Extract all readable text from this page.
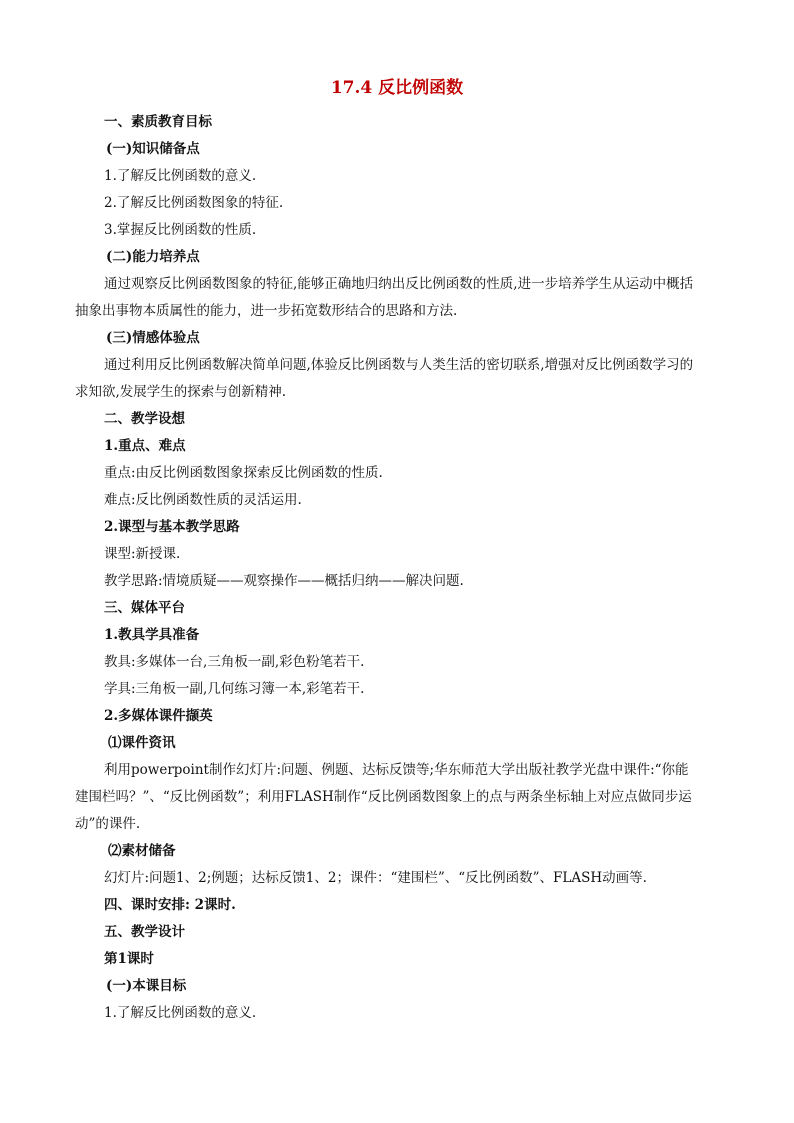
17.4 反比例函数
一、素质教育目标
(一)知识储备点
1.了解反比例函数的意义.
2.了解反比例函数图象的特征.
3.掌握反比例函数的性质.
(二)能力培养点
通过观察反比例函数图象的特征,能够正确地归纳出反比例函数的性质,进一步培养学生从运动中概括
抽象出事物本质属性的能力，进一步拓宽数形结合的思路和方法.
(三)情感体验点
通过利用反比例函数解决简单问题,体验反比例函数与人类生活的密切联系,增强对反比例函数学习的
求知欲,发展学生的探索与创新精神.
二、教学设想
1.重点、难点
重点:由反比例函数图象探索反比例函数的性质.
难点:反比例函数性质的灵活运用.
2.课型与基本教学思路
课型:新授课.
教学思路:情境质疑——观察操作——概括归纳——解决问题.
三、媒体平台
1.教具学具准备
教具:多媒体一台,三角板一副,彩色粉笔若干.
学具:三角板一副,几何练习簿一本,彩笔若干.
2.多媒体课件撷英
⑴课件资讯
利用powerpoint制作幻灯片:问题、例题、达标反馈等;华东师范大学出版社教学光盘中课件:“你能
建围栏吗？”、“反比例函数”；利用FLASH制作“反比例函数图象上的点与两条坐标轴上对应点做同步运
动”的课件.
⑵素材储备
幻灯片:问题1、2;例题；达标反馈1、2；课件：“建围栏”、“反比例函数”、FLASH动画等.
四、课时安排: 2课时.
五、教学设计
第1课时
(一)本课目标
1.了解反比例函数的意义.
